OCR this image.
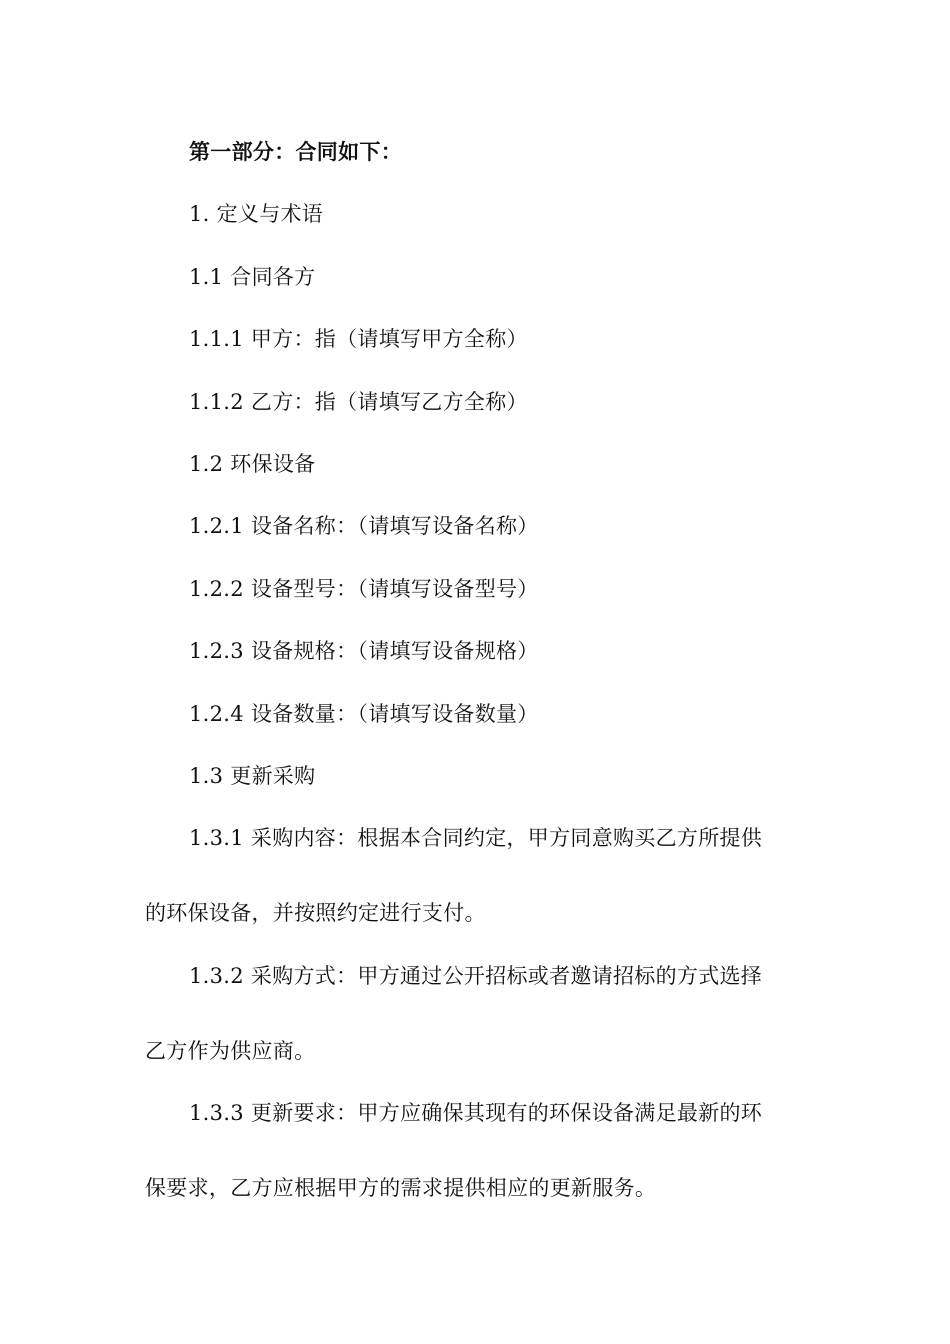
第一部分：合同如下：
1. 定义与术语
1.1 合同各方
1.1.1 甲方：指（请填写甲方全称）
1.1.2 乙方：指（请填写乙方全称）
1.2 环保设备
1.2.1 设备名称：（请填写设备名称）
1.2.2 设备型号：（请填写设备型号）
1.2.3 设备规格：（请填写设备规格）
1.2.4 设备数量：（请填写设备数量）
1.3 更新采购
1.3.1 采购内容：根据本合同约定，甲方同意购买乙方所提供
的环保设备，并按照约定进行支付。
1.3.2 采购方式：甲方通过公开招标或者邀请招标的方式选择
乙方作为供应商。
1.3.3 更新要求：甲方应确保其现有的环保设备满足最新的环
保要求，乙方应根据甲方的需求提供相应的更新服务。
